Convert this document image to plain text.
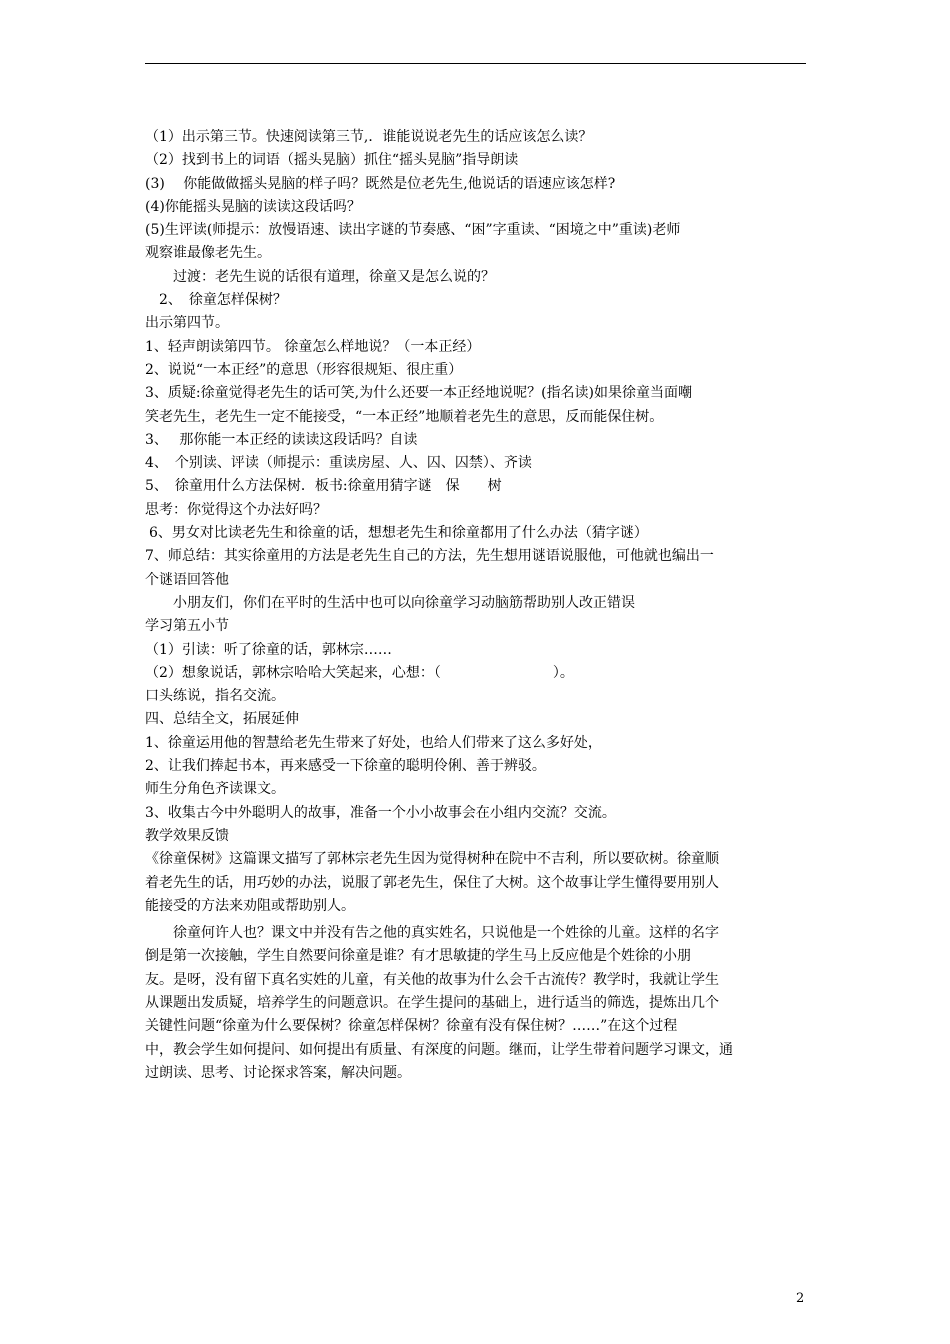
（1）出示第三节。快速阅读第三节,．谁能说说老先生的话应该怎么读？
（2）找到书上的词语（摇头晃脑）抓住“摇头晃脑”指导朗读
(3)　 你能做做摇头晃脑的样子吗？既然是位老先生,他说话的语速应该怎样?
(4)你能摇头晃脑的读读这段话吗？
(5)生评读(师提示：放慢语速、读出字谜的节奏感、“困”字重读、“困境之中”重读)老师
观察谁最像老先生。
过渡：老先生说的话很有道理，徐童又是怎么说的？
2、　徐童怎样保树？
出示第四节。
1、轻声朗读第四节。 徐童怎么样地说？（一本正经）
2、说说“一本正经”的意思（形容很规矩、很庄重）
3、质疑:徐童觉得老先生的话可笑,为什么还要一本正经地说呢？(指名读)如果徐童当面嘲
笑老先生，老先生一定不能接受，“一本正经”地顺着老先生的意思，反而能保住树。
3、　 那你能一本正经的读读这段话吗？自读
4、　个别读、评读（师提示：重读房屋、人、囚、囚禁）、齐读
5、　徐童用什么方法保树．板书:徐童用猜字谜　保　　树
思考：你觉得这个办法好吗？
6、男女对比读老先生和徐童的话，想想老先生和徐童都用了什么办法（猜字谜）
7、师总结：其实徐童用的方法是老先生自己的方法，先生想用谜语说服他，可他就也编出一
个谜语回答他
小朋友们，你们在平时的生活中也可以向徐童学习动脑筋帮助别人改正错误
学习第五小节
（1）引读：听了徐童的话，郭林宗……
（2）想象说话，郭林宗哈哈大笑起来，心想：（　　　　　　　　）。
口头练说，指名交流。
四、总结全文，拓展延伸
1、徐童运用他的智慧给老先生带来了好处，也给人们带来了这么多好处，
2、让我们捧起书本，再来感受一下徐童的聪明伶俐、善于辨驳。
师生分角色齐读课文。
3、收集古今中外聪明人的故事，准备一个小小故事会在小组内交流？交流。
教学效果反馈
《徐童保树》这篇课文描写了郭林宗老先生因为觉得树种在院中不吉利，所以要砍树。徐童顺
着老先生的话，用巧妙的办法，说服了郭老先生，保住了大树。这个故事让学生懂得要用别人
能接受的方法来劝阻或帮助别人。
徐童何许人也？课文中并没有告之他的真实姓名，只说他是一个姓徐的儿童。这样的名字
倒是第一次接触，学生自然要问徐童是谁？有才思敏捷的学生马上反应他是个姓徐的小朋
友。是呀，没有留下真名实姓的儿童，有关他的故事为什么会千古流传？教学时，我就让学生
从课题出发质疑，培养学生的问题意识。在学生提问的基础上，进行适当的筛选，提炼出几个
关键性问题“徐童为什么要保树？徐童怎样保树？徐童有没有保住树？……”在这个过程
中，教会学生如何提问、如何提出有质量、有深度的问题。继而，让学生带着问题学习课文，通
过朗读、思考、讨论探求答案，解决问题。
2
